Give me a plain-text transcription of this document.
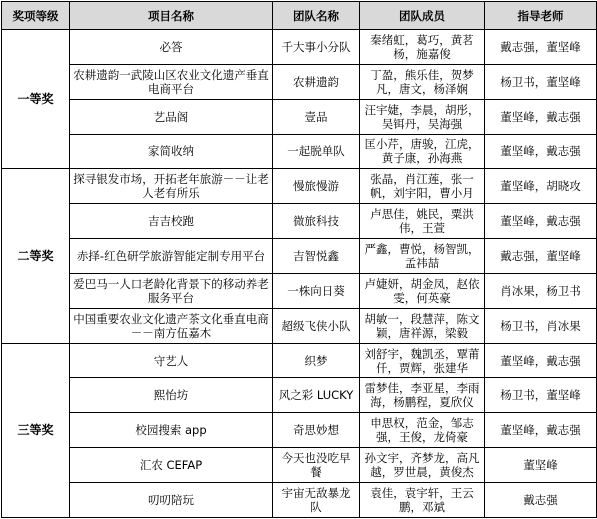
奖项等级	项目名称	团队名称	团队成员	指导老师
一等奖	必答	千大事小分队	秦绪虹，葛巧，黄茗杨，施嘉俊	戴志强，董坚峰
	农耕遗韵一武陵山区农业文化遗产垂直电商平台	农耕遗韵	丁盈，熊乐佳，贺梦凡，唐文，杨泽娴	杨卫书，董坚峰
	艺品阁	壹品	汪宇婕，李晨，胡彤，吴铒丹，吴海强	董坚峰，戴志强
	家简收纳	一起脱单队	匡小芹，唐骏，江虎，黄子康，孙海燕	董坚峰，戴志强
二等奖	探寻银发市场，开拓老年旅游－－让老人老有所乐	慢旅慢游	张晶，肖江莲，张一帆，刘宇阳，曹小月	董坚峰，胡晓攻
	吉吉校跑	微旅科技	卢思佳，姚民，粟洪伟，王萱	董坚峰，戴志强
	赤择-红色研学旅游智能定制专用平台	吉智悦鑫	严鑫，曹悦，杨智凯，孟祎喆	戴志强，董坚峰
	爱巴马一人口老龄化背景下的移动养老服务平台	一株向日葵	卢婕妍，胡金凤，赵依雯，何英豪	肖冰果，杨卫书
	中国重要农业文化遗产茶文化垂直电商－－南方伍嘉木	超级飞侠小队	胡敏一，段慧萍，陈文颖，唐祥源，梁毅	杨卫书，肖冰果
三等奖	守艺人	织梦	刘舒宇，魏凯丞，覃莆仟，贾辉，张建华	董坚峰，戴志强
	熙怡坊	风之彩 LUCKY	雷梦佳，李亚星，李雨海，杨鹏程，夏欣仪	杨卫书，董坚峰
	校园搜索 app	奇思妙想	申思权，范金，邹志强，王俊，龙倚豪	董坚峰，戴志强
	汇农 CEFAP	今天也没吃早餐	孙文宇，齐梦龙，高凡越，罗世晨，黄俊杰	董坚峰
	叨叨陪玩	宇宙无敌暴龙队	袁佳，袁宇轩，王云鹏，邓斌	戴志强
